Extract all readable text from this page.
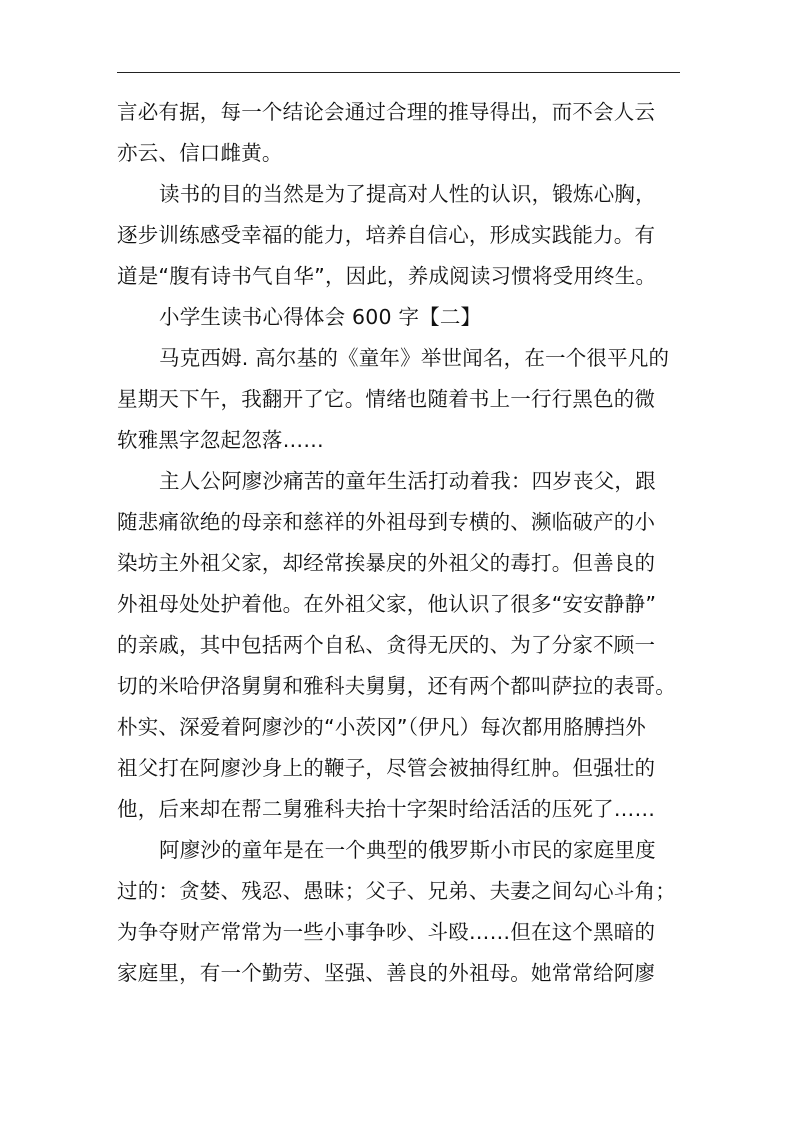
言必有据，每一个结论会通过合理的推导得出，而不会人云
亦云、信口雌黄。
读书的目的当然是为了提高对人性的认识，锻炼心胸，
逐步训练感受幸福的能力，培养自信心，形成实践能力。有
道是“腹有诗书气自华”，因此，养成阅读习惯将受用终生。
小学生读书心得体会 600 字【二】
马克西姆. 高尔基的《童年》举世闻名，在一个很平凡的
星期天下午，我翻开了它。情绪也随着书上一行行黑色的微
软雅黑字忽起忽落……
主人公阿廖沙痛苦的童年生活打动着我：四岁丧父，跟
随悲痛欲绝的母亲和慈祥的外祖母到专横的、濒临破产的小
染坊主外祖父家，却经常挨暴戾的外祖父的毒打。但善良的
外祖母处处护着他。在外祖父家，他认识了很多“安安静静”
的亲戚，其中包括两个自私、贪得无厌的、为了分家不顾一
切的米哈伊洛舅舅和雅科夫舅舅，还有两个都叫萨拉的表哥。
朴实、深爱着阿廖沙的“小茨冈”（伊凡）每次都用胳膊挡外
祖父打在阿廖沙身上的鞭子，尽管会被抽得红肿。但强壮的
他，后来却在帮二舅雅科夫抬十字架时给活活的压死了……
阿廖沙的童年是在一个典型的俄罗斯小市民的家庭里度
过的：贪婪、残忍、愚昧；父子、兄弟、夫妻之间勾心斗角；
为争夺财产常常为一些小事争吵、斗殴……但在这个黑暗的
家庭里，有一个勤劳、坚强、善良的外祖母。她常常给阿廖
